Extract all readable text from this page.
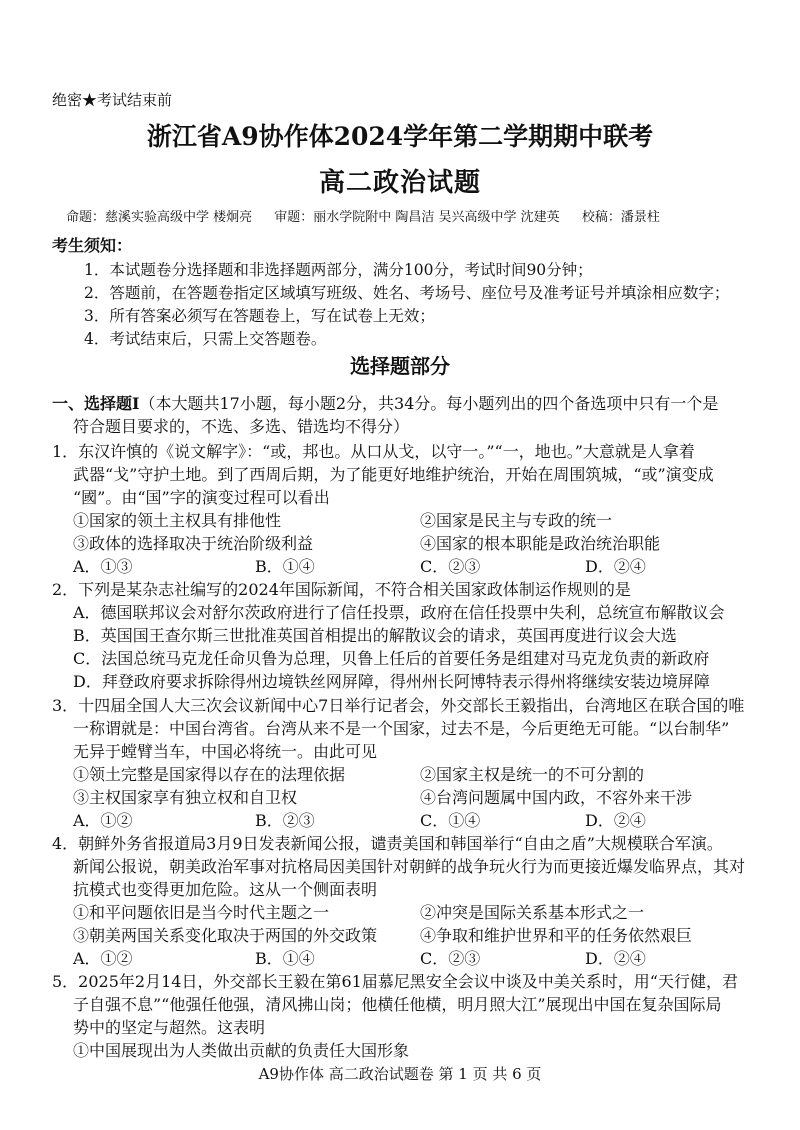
绝密★考试结束前
浙江省A9协作体2024学年第二学期期中联考
高二政治试题
命题：慈溪实验高级中学 楼炯亮 审题：丽水学院附中 陶昌洁 吴兴高级中学 沈建英 校稿：潘景柱
考生须知：
1．本试题卷分选择题和非选择题两部分，满分100分，考试时间90分钟；
2．答题前，在答题卷指定区域填写班级、姓名、考场号、座位号及准考证号并填涂相应数字；
3．所有答案必须写在答题卷上，写在试卷上无效；
4．考试结束后，只需上交答题卷。
选择题部分
一、选择题Ⅰ（本大题共17小题，每小题2分，共34分。每小题列出的四个备选项中只有一个是
符合题目要求的，不选、多选、错选均不得分）
1．东汉许慎的《说文解字》：“或，邦也。从口从戈，以守一。”“一，地也。”大意就是人拿着
武器“戈”守护土地。到了西周后期，为了能更好地维护统治，开始在周围筑城，“或”演变成
“國”。由“国”字的演变过程可以看出
①国家的领土主权具有排他性	②国家是民主与专政的统一
③政体的选择取决于统治阶级利益	④国家的根本职能是政治统治职能
A．①③	B．①④	C．②③	D．②④
2．下列是某杂志社编写的2024年国际新闻，不符合相关国家政体制运作规则的是
A．德国联邦议会对舒尔茨政府进行了信任投票，政府在信任投票中失利，总统宣布解散议会
B．英国国王查尔斯三世批准英国首相提出的解散议会的请求，英国再度进行议会大选
C．法国总统马克龙任命贝鲁为总理，贝鲁上任后的首要任务是组建对马克龙负责的新政府
D．拜登政府要求拆除得州边境铁丝网屏障，得州州长阿博特表示得州将继续安装边境屏障
3．十四届全国人大三次会议新闻中心7日举行记者会，外交部长王毅指出，台湾地区在联合国的唯
一称谓就是：中国台湾省。台湾从来不是一个国家，过去不是，今后更绝无可能。“以台制华”
无异于螳臂当车，中国必将统一。由此可见
①领土完整是国家得以存在的法理依据	②国家主权是统一的不可分割的
③主权国家享有独立权和自卫权	④台湾问题属中国内政，不容外来干涉
A．①②	B．②③	C．①④	D．②④
4．朝鲜外务省报道局3月9日发表新闻公报，谴责美国和韩国举行“自由之盾”大规模联合军演。
新闻公报说，朝美政治军事对抗格局因美国针对朝鲜的战争玩火行为而更接近爆发临界点，其对
抗模式也变得更加危险。这从一个侧面表明
①和平问题依旧是当今时代主题之一	②冲突是国际关系基本形式之一
③朝美两国关系变化取决于两国的外交政策	④争取和维护世界和平的任务依然艰巨
A．①②	B．①④	C．②③	D．②④
5．2025年2月14日，外交部长王毅在第61届慕尼黑安全会议中谈及中美关系时，用“天行健，君
子自强不息”“他强任他强，清风拂山岗；他横任他横，明月照大江”展现出中国在复杂国际局
势中的坚定与超然。这表明
①中国展现出为人类做出贡献的负责任大国形象
A9协作体 高二政治试题卷 第 1 页 共 6 页
